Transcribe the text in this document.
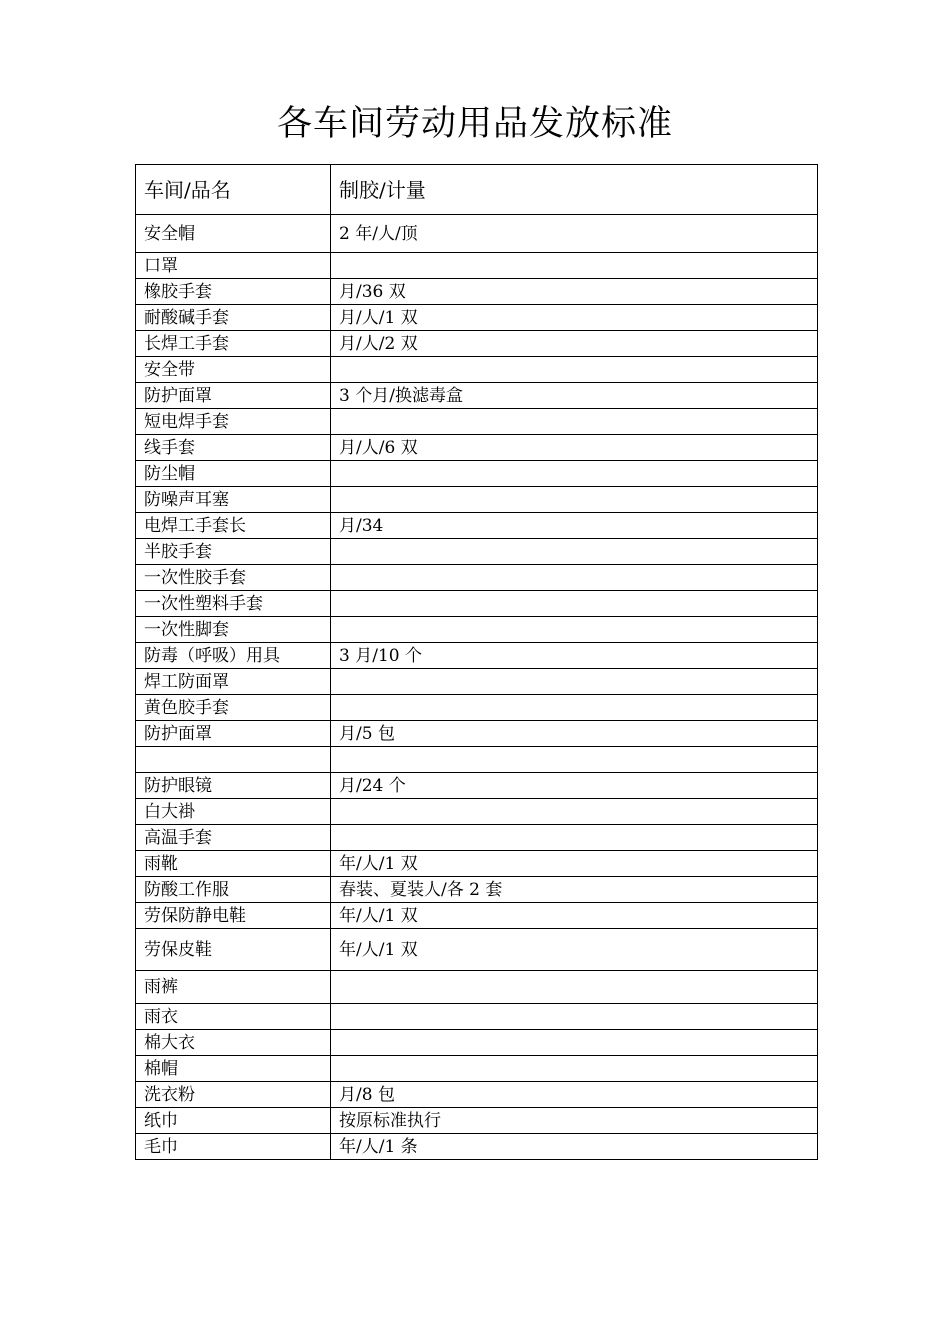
各车间劳动用品发放标准
车间/品名	制胶/计量
安全帽	2 年/人/顶
口罩	
橡胶手套	月/36 双
耐酸碱手套	月/人/1 双
长焊工手套	月/人/2 双
安全带	
防护面罩	3 个月/换滤毒盒
短电焊手套	
线手套	月/人/6 双
防尘帽	
防噪声耳塞	
电焊工手套长	月/34
半胶手套	
一次性胶手套	
一次性塑料手套	
一次性脚套	
防毒（呼吸）用具	3 月/10 个
焊工防面罩	
黄色胶手套	
防护面罩	月/5 包

防护眼镜	月/24 个
白大褂	
高温手套	
雨靴	年/人/1 双
防酸工作服	春装、夏装人/各 2 套
劳保防静电鞋	年/人/1 双
劳保皮鞋	年/人/1 双
雨裤	
雨衣	
棉大衣	
棉帽	
洗衣粉	月/8 包
纸巾	按原标准执行
毛巾	年/人/1 条
